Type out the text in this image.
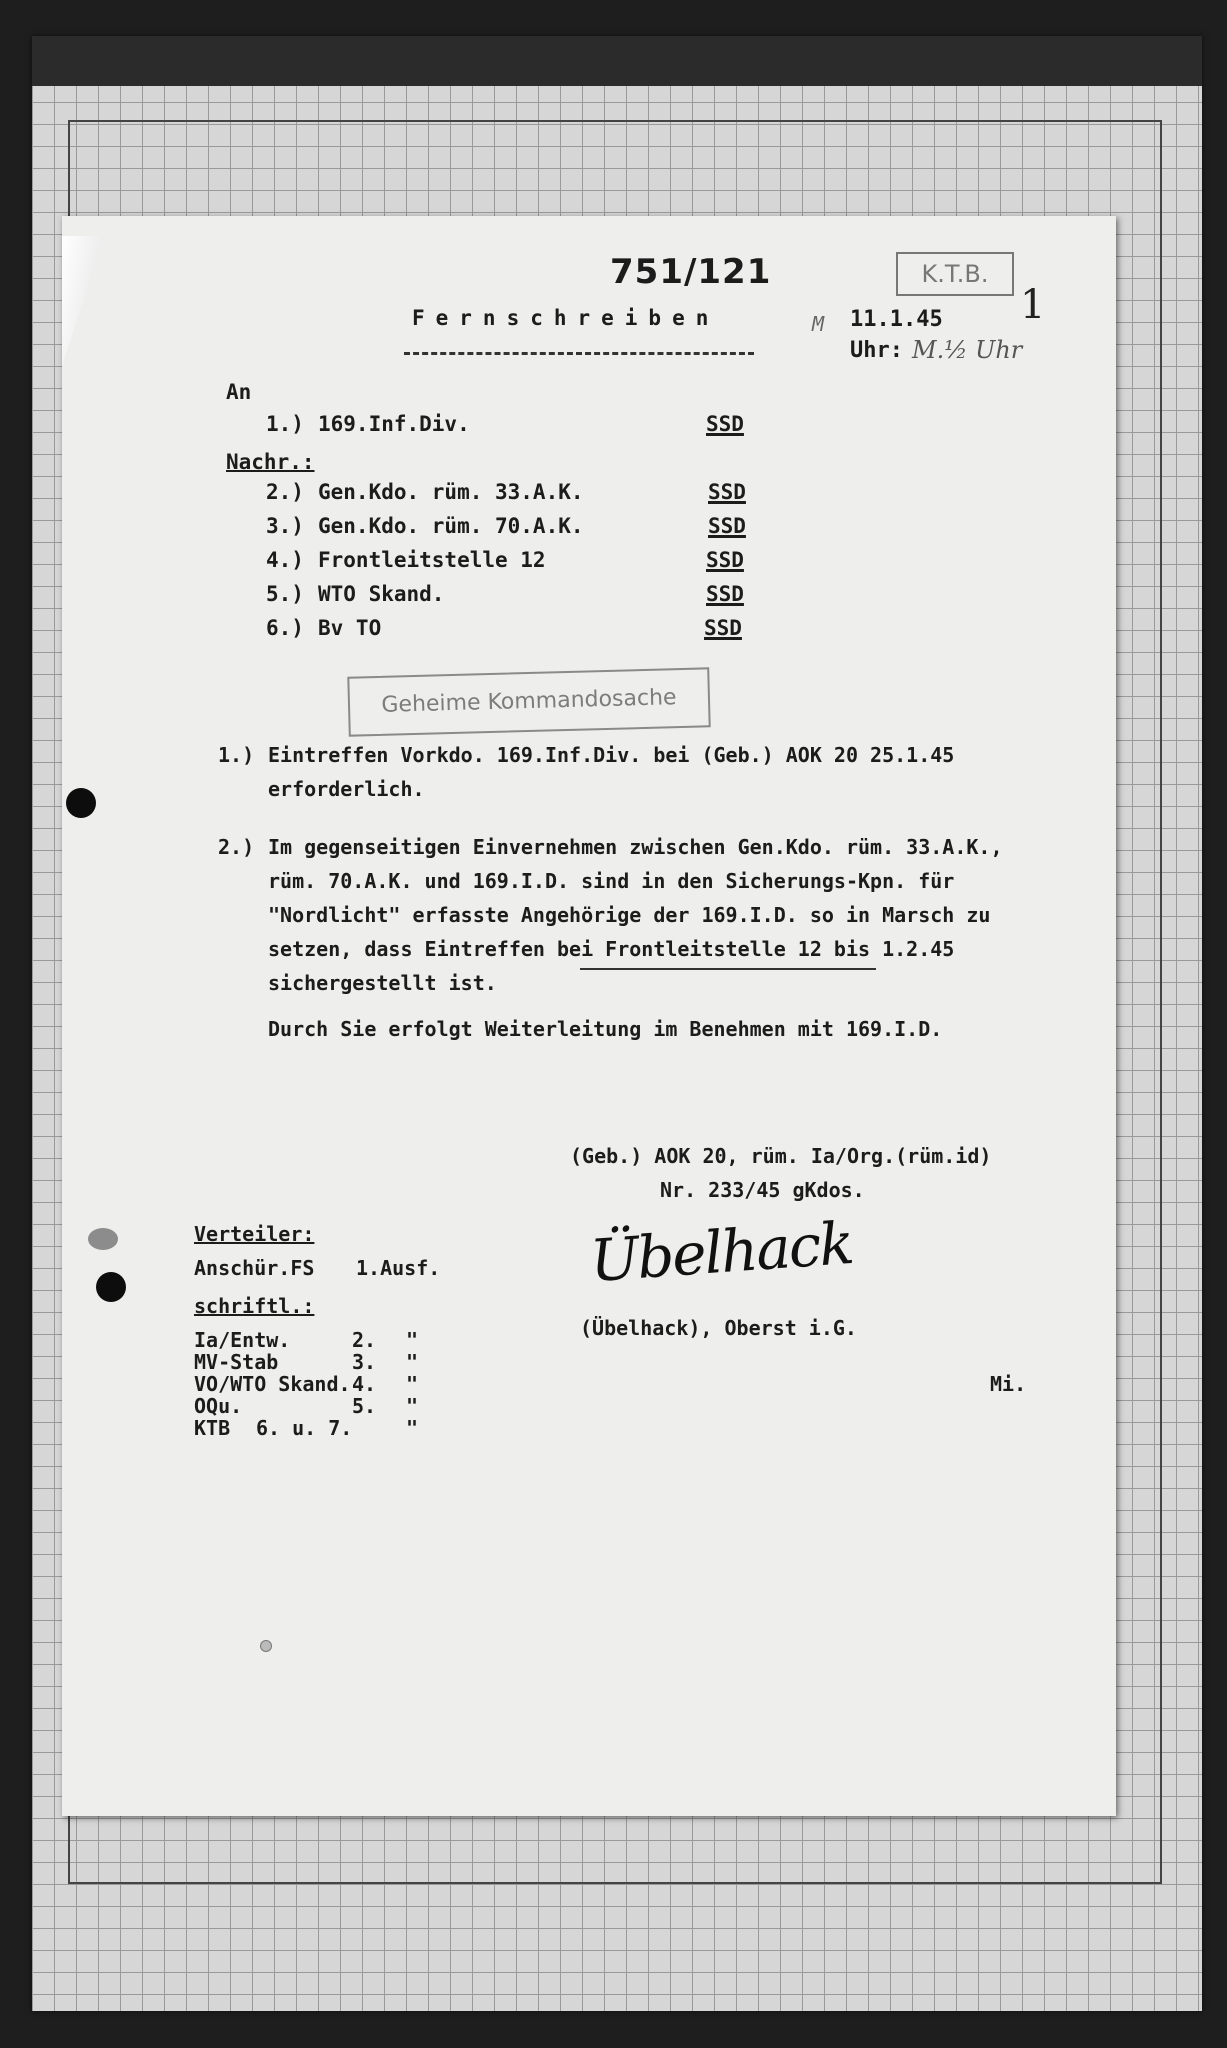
751/121	K.T.B.
1
Fernschreiben	M 11.1.45
Uhr: M.½ Uhr
An
1.) 169.Inf.Div.	SSD
Nachr.:
2.) Gen.Kdo. rüm. 33.A.K.	SSD
3.) Gen.Kdo. rüm. 70.A.K.	SSD
4.) Frontleitstelle 12	SSD
5.) WTO Skand.	SSD
6.) Bv TO	SSD
Geheime Kommandosache
1.) Eintreffen Vorkdo. 169.Inf.Div. bei (Geb.) AOK 20 25.1.45
erforderlich.
2.) Im gegenseitigen Einvernehmen zwischen Gen.Kdo. rüm. 33.A.K.,
rüm. 70.A.K. und 169.I.D. sind in den Sicherungs-Kpn. für
"Nordlicht" erfasste Angehörige der 169.I.D. so in Marsch zu
setzen, dass Eintreffen bei Frontleitstelle 12 bis 1.2.45
sichergestellt ist.
Durch Sie erfolgt Weiterleitung im Benehmen mit 169.I.D.
(Geb.) AOK 20, rüm. Ia/Org.(rüm.id)
Nr. 233/45 gKdos.
Übelhack
(Übelhack), Oberst i.G.
Mi.
Verteiler:
Anschür.FS 1.Ausf.
schriftl.:
Ia/Entw.	2. "
MV-Stab	3. "
VO/WTO Skand. 4. "
OQu.	5. "
KTB 6. u. 7.	"
